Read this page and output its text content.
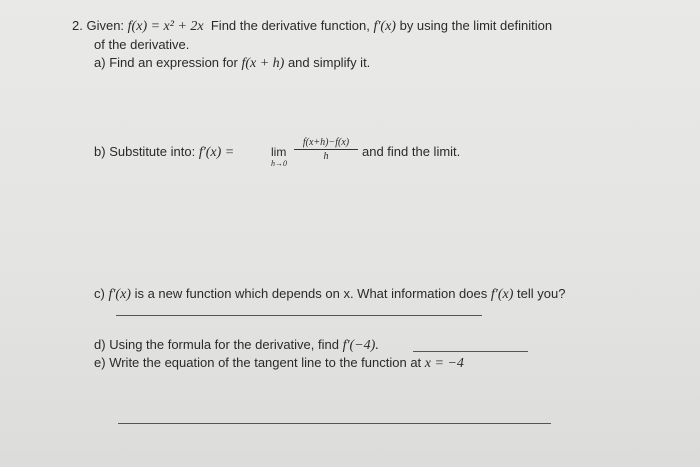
2. Given: f(x) = x² + 2x Find the derivative function, f′(x) by using the limit definition
of the derivative.
a) Find an expression for f(x + h) and simplify it.
b) Substitute into: f′(x) =	lim
h→0
f(x+h)−f(x)
h	and find the limit.
c) f′(x) is a new function which depends on x. What information does f′(x) tell you?
d) Using the formula for the derivative, find f′(−4).
e) Write the equation of the tangent line to the function at x = −4
